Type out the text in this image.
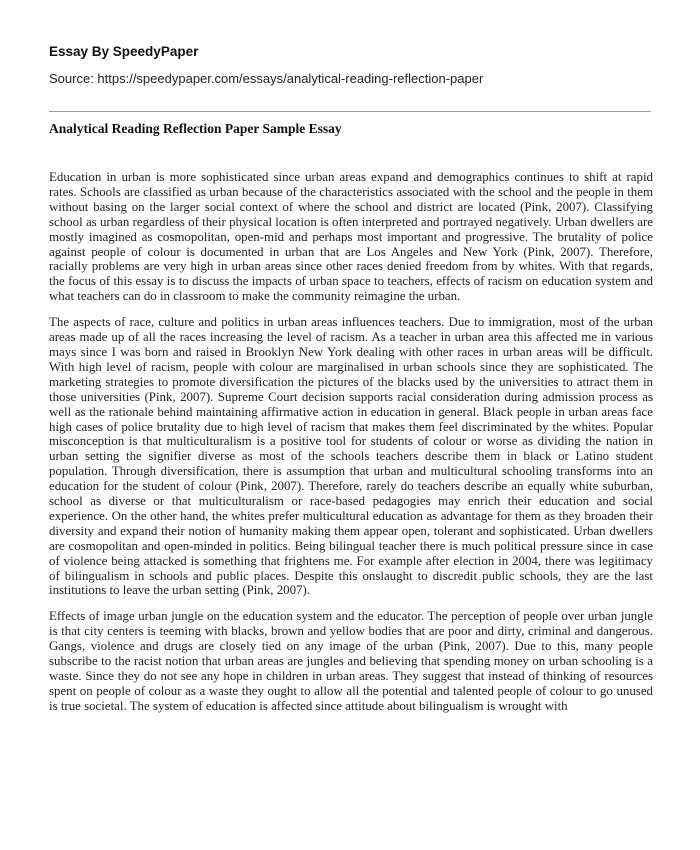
Essay By SpeedyPaper
Source: https://speedypaper.com/essays/analytical-reading-reflection-paper
Analytical Reading Reflection Paper Sample Essay

Education in urban is more sophisticated since urban areas expand and demographics continues to shift at rapid rates. Schools are classified as urban because of the characteristics associated with the school and the people in them without basing on the larger social context of where the school and district are located (Pink, 2007). Classifying school as urban regardless of their physical location is often interpreted and portrayed negatively. Urban dwellers are mostly imagined as cosmopolitan, open-mid and perhaps most important and progressive. The brutality of police against people of colour is documented in urban that are Los Angeles and New York (Pink, 2007). Therefore, racially problems are very high in urban areas since other races denied freedom from by whites. With that regards, the focus of this essay is to discuss the impacts of urban space to teachers, effects of racism on education system and what teachers can do in classroom to make the community reimagine the urban.

The aspects of race, culture and politics in urban areas influences teachers. Due to immigration, most of the urban areas made up of all the races increasing the level of racism. As a teacher in urban area this affected me in various mays since I was born and raised in Brooklyn New York dealing with other races in urban areas will be difficult. With high level of racism, people with colour are marginalised in urban schools since they are sophisticated. The marketing strategies to promote diversification the pictures of the blacks used by the universities to attract them in those universities (Pink, 2007). Supreme Court decision supports racial consideration during admission process as well as the rationale behind maintaining affirmative action in education in general. Black people in urban areas face high cases of police brutality due to high level of racism that makes them feel discriminated by the whites. Popular misconception is that multiculturalism is a positive tool for students of colour or worse as dividing the nation in urban setting the signifier diverse as most of the schools teachers describe them in black or Latino student population. Through diversification, there is assumption that urban and multicultural schooling transforms into an education for the student of colour (Pink, 2007). Therefore, rarely do teachers describe an equally white suburban, school as diverse or that multiculturalism or race-based pedagogies may enrich their education and social experience. On the other hand, the whites prefer multicultural education as advantage for them as they broaden their diversity and expand their notion of humanity making them appear open, tolerant and sophisticated. Urban dwellers are cosmopolitan and open-minded in politics. Being bilingual teacher there is much political pressure since in case of violence being attacked is something that frightens me. For example after election in 2004, there was legitimacy of bilingualism in schools and public places. Despite this onslaught to discredit public schools, they are the last institutions to leave the urban setting (Pink, 2007).

Effects of image urban jungle on the education system and the educator. The perception of people over urban jungle is that city centers is teeming with blacks, brown and yellow bodies that are poor and dirty, criminal and dangerous. Gangs, violence and drugs are closely tied on any image of the urban (Pink, 2007). Due to this, many people subscribe to the racist notion that urban areas are jungles and believing that spending money on urban schooling is a waste. Since they do not see any hope in children in urban areas. They suggest that instead of thinking of resources spent on people of colour as a waste they ought to allow all the potential and talented people of colour to go unused is true societal. The system of education is affected since attitude about bilingualism is wrought with
